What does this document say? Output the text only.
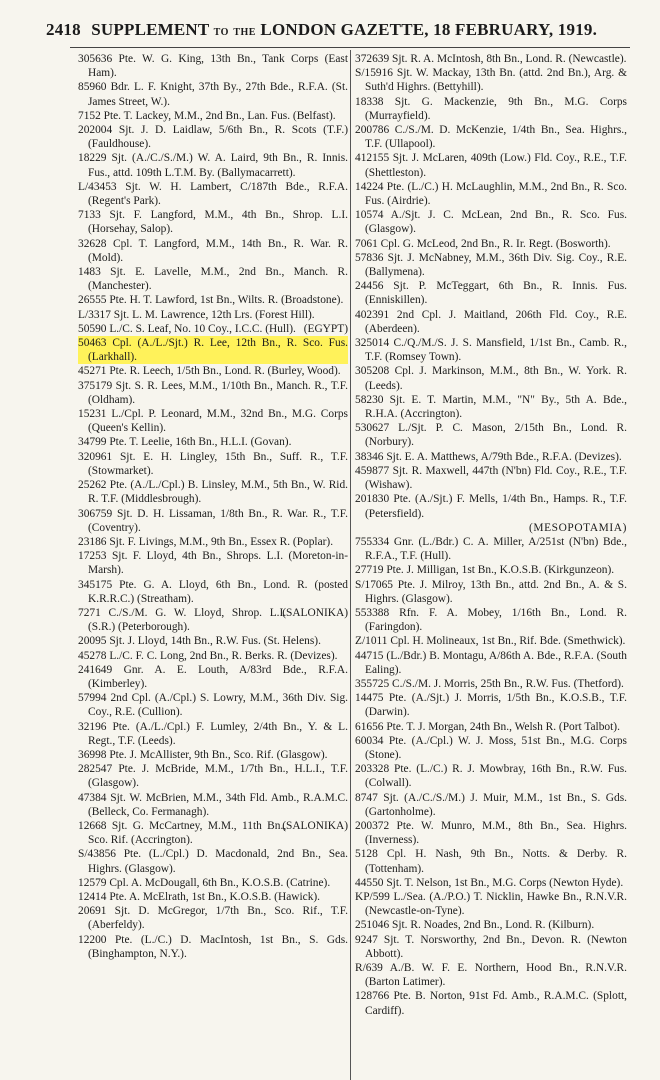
2418 SUPPLEMENT TO THE LONDON GAZETTE, 18 FEBRUARY, 1919.

305636 Pte. W. G. King, 13th Bn., Tank Corps (East Ham).

85960 Bdr. L. F. Knight, 37th By., 27th Bde., R.F.A. (St. James Street, W.).

7152 Pte. T. Lackey, M.M., 2nd Bn., Lan. Fus. (Belfast).

202004 Sjt. J. D. Laidlaw, 5/6th Bn., R. Scots (T.F.) (Fauldhouse).

18229 Sjt. (A./C./S./M.) W. A. Laird, 9th Bn., R. Innis. Fus., attd. 109th L.T.M. By. (Ballymacarrett).

L/43453 Sjt. W. H. Lambert, C/187th Bde., R.F.A. (Regent's Park).

7133 Sjt. F. Langford, M.M., 4th Bn., Shrop. L.I. (Horsehay, Salop).

32628 Cpl. T. Langford, M.M., 14th Bn., R. War. R. (Mold).

1483 Sjt. E. Lavelle, M.M., 2nd Bn., Manch. R. (Manchester).

26555 Pte. H. T. Lawford, 1st Bn., Wilts. R. (Broadstone).

L/3317 Sjt. L. M. Lawrence, 12th Lrs. (Forest Hill).

50590 L./C. S. Leaf, No. 10 Coy., I.C.C. (Hull). (EGYPT)

50463 Cpl. (A./L./Sjt.) R. Lee, 12th Bn., R. Sco. Fus. (Larkhall).

45271 Pte. R. Leech, 1/5th Bn., Lond. R. (Burley, Wood).

375179 Sjt. S. R. Lees, M.M., 1/10th Bn., Manch. R., T.F. (Oldham).

15231 L./Cpl. P. Leonard, M.M., 32nd Bn., M.G. Corps (Queen's Kellin).

34799 Pte. T. Leelie, 16th Bn., H.L.I. (Govan).

320961 Sjt. E. H. Lingley, 15th Bn., Suff. R., T.F. (Stowmarket).

25262 Pte. (A./L./Cpl.) B. Linsley, M.M., 5th Bn., W. Rid. R. T.F. (Middlesbrough).

306759 Sjt. D. H. Lissaman, 1/8th Bn., R. War. R., T.F. (Coventry).

23186 Sjt. F. Livings, M.M., 9th Bn., Essex R. (Poplar).

17253 Sjt. F. Lloyd, 4th Bn., Shrops. L.I. (Moreton-in-Marsh).

345175 Pte. G. A. Lloyd, 6th Bn., Lond. R. (posted K.R.R.C.) (Streatham).

(SALONIKA)
7271 C./S./M. G. W. Lloyd, Shrop. L.I. (S.R.) (Peterborough).

20095 Sjt. J. Lloyd, 14th Bn., R.W. Fus. (St. Helens).

45278 L./C. F. C. Long, 2nd Bn., R. Berks. R. (Devizes).

241649 Gnr. A. E. Louth, A/83rd Bde., R.F.A. (Kimberley).

57994 2nd Cpl. (A./Cpl.) S. Lowry, M.M., 36th Div. Sig. Coy., R.E. (Cullion).

32196 Pte. (A./L./Cpl.) F. Lumley, 2/4th Bn., Y. & L. Regt., T.F. (Leeds).

36998 Pte. J. McAllister, 9th Bn., Sco. Rif. (Glasgow).

282547 Pte. J. McBride, M.M., 1/7th Bn., H.L.I., T.F. (Glasgow).

47384 Sjt. W. McBrien, M.M., 34th Fld. Amb., R.A.M.C. (Belleck, Co. Fermanagh).

(SALONIKA)
12668 Sjt. G. McCartney, M.M., 11th Bn., Sco. Rif. (Accrington).

S/43856 Pte. (L./Cpl.) D. Macdonald, 2nd Bn., Sea. Highrs. (Glasgow).

12579 Cpl. A. McDougall, 6th Bn., K.O.S.B. (Catrine).

12414 Pte. A. McElrath, 1st Bn., K.O.S.B. (Hawick).

20691 Sjt. D. McGregor, 1/7th Bn., Sco. Rif., T.F. (Aberfeldy).

12200 Pte. (L./C.) D. MacIntosh, 1st Bn., S. Gds. (Binghampton, N.Y.).

372639 Sjt. R. A. McIntosh, 8th Bn., Lond. R. (Newcastle).

S/15916 Sjt. W. Mackay, 13th Bn. (attd. 2nd Bn.), Arg. & Suth'd Highrs. (Bettyhill).

18338 Sjt. G. Mackenzie, 9th Bn., M.G. Corps (Murrayfield).

200786 C./S./M. D. McKenzie, 1/4th Bn., Sea. Highrs., T.F. (Ullapool).

412155 Sjt. J. McLaren, 409th (Low.) Fld. Coy., R.E., T.F. (Shettleston).

14224 Pte. (L./C.) H. McLaughlin, M.M., 2nd Bn., R. Sco. Fus. (Airdrie).

10574 A./Sjt. J. C. McLean, 2nd Bn., R. Sco. Fus. (Glasgow).

7061 Cpl. G. McLeod, 2nd Bn., R. Ir. Regt. (Bosworth).

57836 Sjt. J. McNabney, M.M., 36th Div. Sig. Coy., R.E. (Ballymena).

24456 Sjt. P. McTeggart, 6th Bn., R. Innis. Fus. (Enniskillen).

402391 2nd Cpl. J. Maitland, 206th Fld. Coy., R.E. (Aberdeen).

325014 C./Q./M./S. J. S. Mansfield, 1/1st Bn., Camb. R., T.F. (Romsey Town).

305208 Cpl. J. Markinson, M.M., 8th Bn., W. York. R. (Leeds).

58230 Sjt. E. T. Martin, M.M., "N" By., 5th A. Bde., R.H.A. (Accrington).

530627 L./Sjt. P. C. Mason, 2/15th Bn., Lond. R. (Norbury).

38346 Sjt. E. A. Matthews, A/79th Bde., R.F.A. (Devizes).

459877 Sjt. R. Maxwell, 447th (N'bn) Fld. Coy., R.E., T.F. (Wishaw).

201830 Pte. (A./Sjt.) F. Mells, 1/4th Bn., Hamps. R., T.F. (Petersfield).

(MESOPOTAMIA)

755334 Gnr. (L./Bdr.) C. A. Miller, A/251st (N'bn) Bde., R.F.A., T.F. (Hull).

27719 Pte. J. Milligan, 1st Bn., K.O.S.B. (Kirkgunzeon).

S/17065 Pte. J. Milroy, 13th Bn., attd. 2nd Bn., A. & S. Highrs. (Glasgow).

553388 Rfn. F. A. Mobey, 1/16th Bn., Lond. R. (Faringdon).

Z/1011 Cpl. H. Molineaux, 1st Bn., Rif. Bde. (Smethwick).

44715 (L./Bdr.) B. Montagu, A/86th A. Bde., R.F.A. (South Ealing).

355725 C./S./M. J. Morris, 25th Bn., R.W. Fus. (Thetford).

14475 Pte. (A./Sjt.) J. Morris, 1/5th Bn., K.O.S.B., T.F. (Darwin).

61656 Pte. T. J. Morgan, 24th Bn., Welsh R. (Port Talbot).

60034 Pte. (A./Cpl.) W. J. Moss, 51st Bn., M.G. Corps (Stone).

203328 Pte. (L./C.) R. J. Mowbray, 16th Bn., R.W. Fus. (Colwall).

8747 Sjt. (A./C./S./M.) J. Muir, M.M., 1st Bn., S. Gds. (Gartonholme).

200372 Pte. W. Munro, M.M., 8th Bn., Sea. Highrs. (Inverness).

5128 Cpl. H. Nash, 9th Bn., Notts. & Derby. R. (Tottenham).

44550 Sjt. T. Nelson, 1st Bn., M.G. Corps (Newton Hyde).

KP/599 L./Sea. (A./P.O.) T. Nicklin, Hawke Bn., R.N.V.R. (Newcastle-on-Tyne).

251046 Sjt. R. Noades, 2nd Bn., Lond. R. (Kilburn).

9247 Sjt. T. Norsworthy, 2nd Bn., Devon. R. (Newton Abbott).

R/639 A./B. W. F. E. Northern, Hood Bn., R.N.V.R. (Barton Latimer).

128766 Pte. B. Norton, 91st Fd. Amb., R.A.M.C. (Splott, Cardiff).
